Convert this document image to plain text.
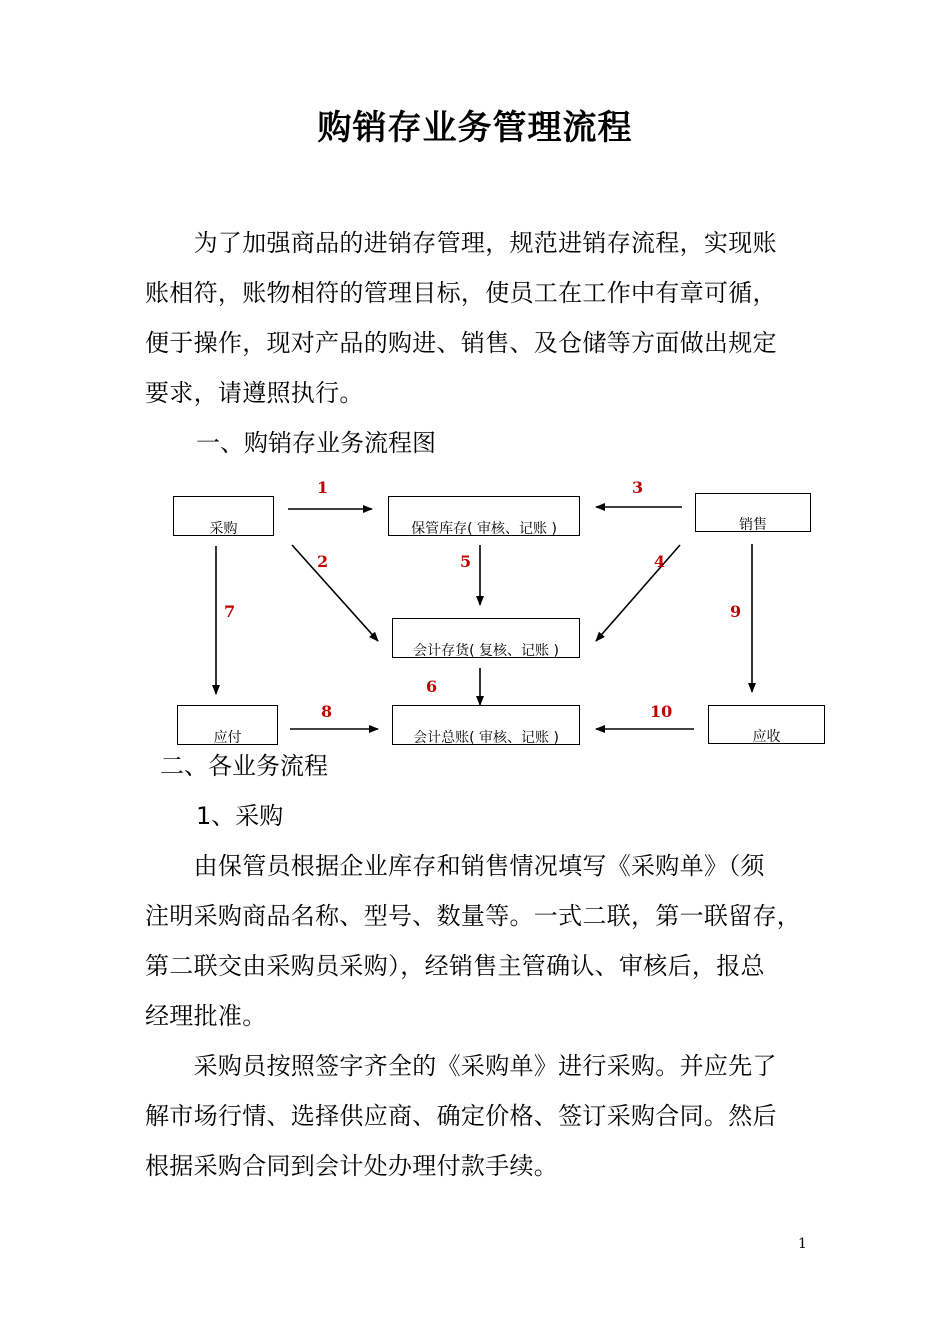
购销存业务管理流程
　　为了加强商品的进销存管理，规范进销存流程，实现账
账相符，账物相符的管理目标，使员工在工作中有章可循，
便于操作，现对产品的购进、销售、及仓储等方面做出规定
要求，请遵照执行。
一、购销存业务流程图
采购	保管库存( 审核、记账 )	销售
会计存货( 复核、记账 )
应付	会计总账( 审核、记账 )	应收
1
2
3
4
5
6
7
8
9
10
二、各业务流程
1、采购
　　由保管员根据企业库存和销售情况填写《采购单》（须
注明采购商品名称、型号、数量等。一式二联，第一联留存，
第二联交由采购员采购），经销售主管确认、审核后，报总
经理批准。
　　采购员按照签字齐全的《采购单》进行采购。并应先了
解市场行情、选择供应商、确定价格、签订采购合同。然后
根据采购合同到会计处办理付款手续。
1
